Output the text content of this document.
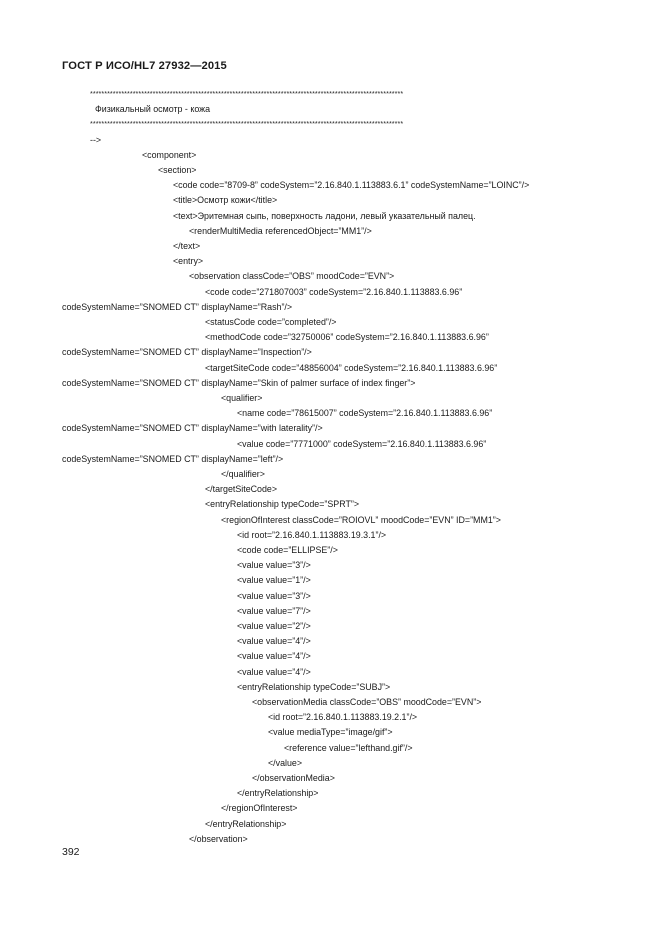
ГОСТ Р ИСО/HL7 27932—2015
**************************************************************************************************************
Физикальный осмотр - кожа
**************************************************************************************************************
-->
<component>
<section>
<code code=”8709-8” codeSystem=”2.16.840.1.113883.6.1” codeSystemName=”LOINC”/>
<title>Осмотр кожи</title>
<text>Эритемная сыпь, поверхность ладони, левый указательный палец.
<renderMultiMedia referencedObject=”MM1”/>
</text>
<entry>
<observation classCode=”OBS” moodCode=”EVN”>
<code code=”271807003” codeSystem=”2.16.840.1.113883.6.96”
codeSystemName=”SNOMED CT” displayName=”Rash”/>
<statusCode code=”completed”/>
<methodCode code=”32750006” codeSystem=”2.16.840.1.113883.6.96”
codeSystemName=”SNOMED CT” displayName=”Inspection”/>
<targetSiteCode code=”48856004” codeSystem=”2.16.840.1.113883.6.96”
codeSystemName=”SNOMED CT” displayName=”Skin of palmer surface of index finger”>
<qualifier>
<name code=”78615007” codeSystem=”2.16.840.1.113883.6.96”
codeSystemName=”SNOMED CT” displayName=”with laterality”/>
<value code=”7771000” codeSystem=”2.16.840.1.113883.6.96”
codeSystemName=”SNOMED CT” displayName=”left”/>
</qualifier>
</targetSiteCode>
<entryRelationship typeCode=”SPRT”>
<regionOfInterest classCode=”ROIOVL” moodCode=”EVN” ID=”MM1”>
<id root=”2.16.840.1.113883.19.3.1”/>
<code code=”ELLIPSE”/>
<value value=”3”/>
<value value=”1”/>
<value value=”3”/>
<value value=”7”/>
<value value=”2”/>
<value value=”4”/>
<value value=”4”/>
<value value=”4”/>
<entryRelationship typeCode=”SUBJ”>
<observationMedia classCode=”OBS” moodCode=”EVN”>
<id root=”2.16.840.1.113883.19.2.1”/>
<value mediaType=”image/gif”>
<reference value=”lefthand.gif”/>
</value>
</observationMedia>
</entryRelationship>
</regionOfInterest>
</entryRelationship>
</observation>
392
